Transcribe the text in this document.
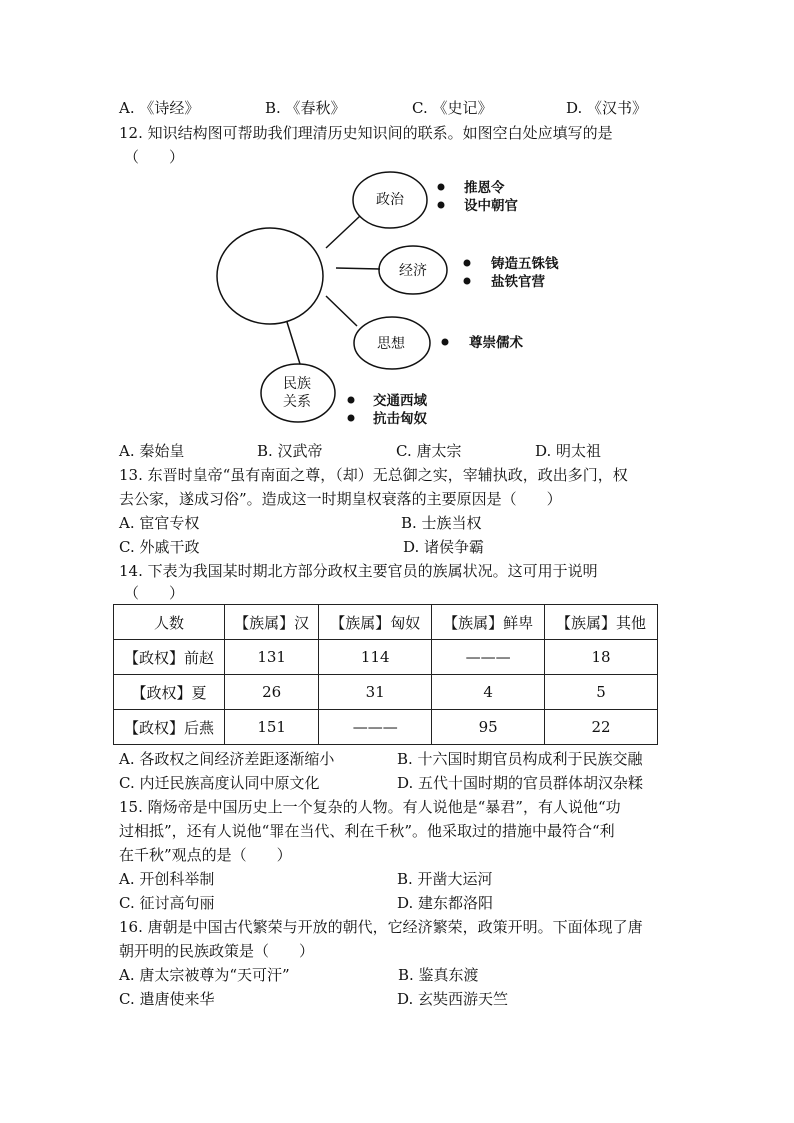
A. 《诗经》	B. 《春秋》	C. 《史记》	D. 《汉书》
12. 知识结构图可帮助我们理清历史知识间的联系。如图空白处应填写的是
（　　）
政治
经济
思想
民族
关系
推恩令
设中朝官
铸造五铢钱
盐铁官营
尊崇儒术
交通西域
抗击匈奴
A. 秦始皇	B. 汉武帝	C. 唐太宗	D. 明太祖
13. 东晋时皇帝“虽有南面之尊，（却）无总御之实，宰辅执政，政出多门，权
去公家，遂成习俗”。造成这一时期皇权衰落的主要原因是（　　）
A. 宦官专权	B. 士族当权
C. 外戚干政	D. 诸侯争霸
14. 下表为我国某时期北方部分政权主要官员的族属状况。这可用于说明
（　　）
人数	【族属】汉	【族属】匈奴	【族属】鲜卑	【族属】其他
【政权】前赵	131	114	———	18
【政权】夏	26	31	4	5
【政权】后燕	151	———	95	22
A. 各政权之间经济差距逐渐缩小	B. 十六国时期官员构成利于民族交融
C. 内迁民族高度认同中原文化	D. 五代十国时期的官员群体胡汉杂糅
15. 隋炀帝是中国历史上一个复杂的人物。有人说他是“暴君”，有人说他“功
过相抵”，还有人说他“罪在当代、利在千秋”。他采取过的措施中最符合“利
在千秋”观点的是（　　）
A. 开创科举制	B. 开凿大运河
C. 征讨高句丽	D. 建东都洛阳
16. 唐朝是中国古代繁荣与开放的朝代，它经济繁荣，政策开明。下面体现了唐
朝开明的民族政策是（　　）
A. 唐太宗被尊为“天可汗”	B. 鉴真东渡
C. 遣唐使来华	D. 玄奘西游天竺
